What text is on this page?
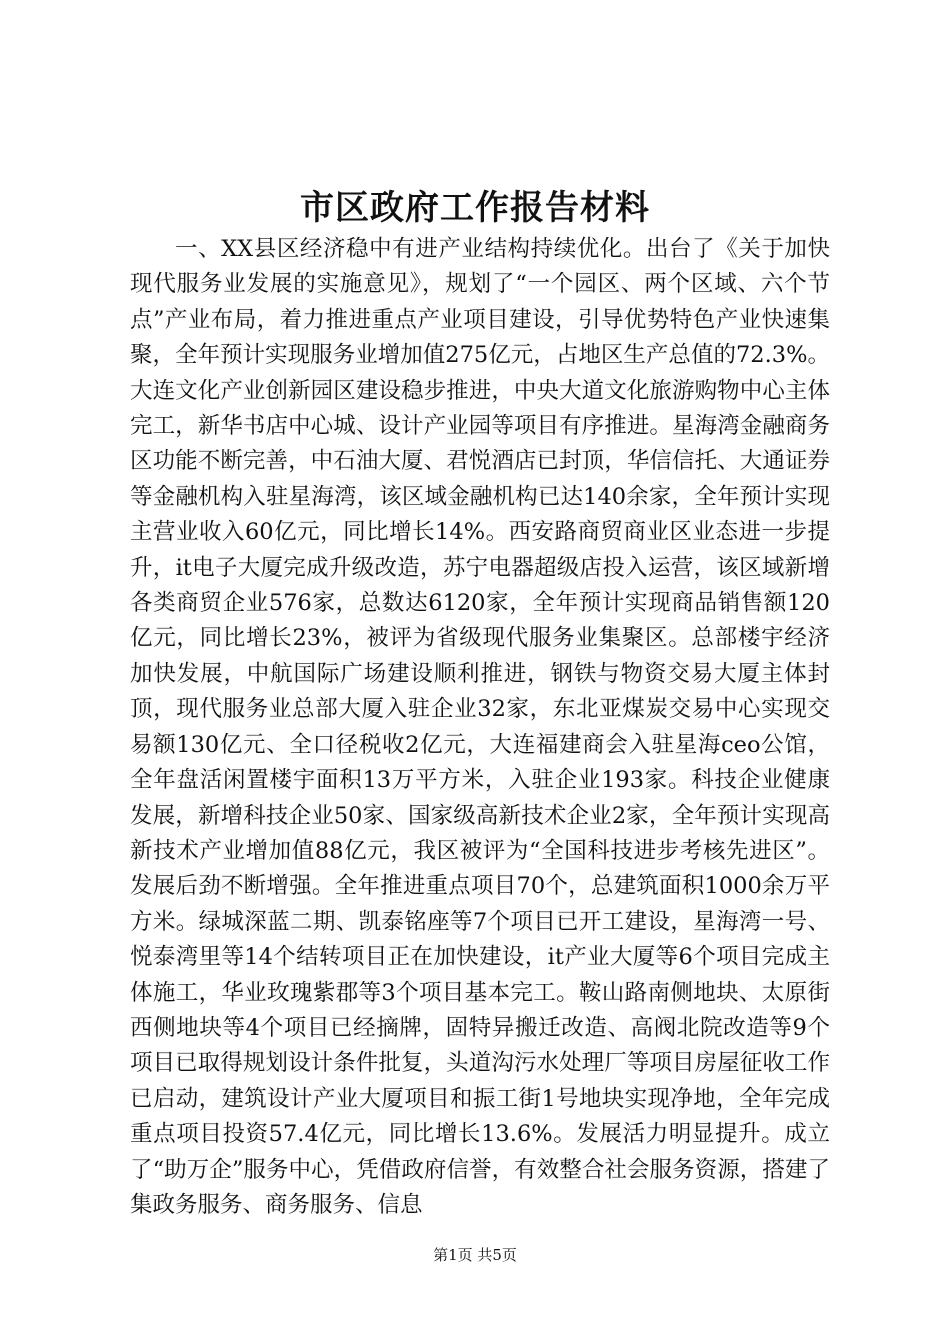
市区政府工作报告材料

一、XX县区经济稳中有进产业结构持续优化。出台了《关于加快现代服务业发展的实施意见》，规划了“一个园区、两个区域、六个节点”产业布局，着力推进重点产业项目建设，引导优势特色产业快速集聚，全年预计实现服务业增加值275亿元，占地区生产总值的72.3%。大连文化产业创新园区建设稳步推进，中央大道文化旅游购物中心主体完工，新华书店中心城、设计产业园等项目有序推进。星海湾金融商务区功能不断完善，中石油大厦、君悦酒店已封顶，华信信托、大通证券等金融机构入驻星海湾，该区域金融机构已达140余家，全年预计实现主营业收入60亿元，同比增长14%。西安路商贸商业区业态进一步提升，it电子大厦完成升级改造，苏宁电器超级店投入运营，该区域新增各类商贸企业576家，总数达6120家，全年预计实现商品销售额120亿元，同比增长23%，被评为省级现代服务业集聚区。总部楼宇经济加快发展，中航国际广场建设顺利推进，钢铁与物资交易大厦主体封顶，现代服务业总部大厦入驻企业32家，东北亚煤炭交易中心实现交易额130亿元、全口径税收2亿元，大连福建商会入驻星海ceo公馆，全年盘活闲置楼宇面积13万平方米，入驻企业193家。科技企业健康发展，新增科技企业50家、国家级高新技术企业2家，全年预计实现高新技术产业增加值88亿元，我区被评为“全国科技进步考核先进区”。发展后劲不断增强。全年推进重点项目70个，总建筑面积1000余万平方米。绿城深蓝二期、凯泰铭座等7个项目已开工建设，星海湾一号、悦泰湾里等14个结转项目正在加快建设，it产业大厦等6个项目完成主体施工，华业玫瑰紫郡等3个项目基本完工。鞍山路南侧地块、太原街西侧地块等4个项目已经摘牌，固特异搬迁改造、高阀北院改造等9个项目已取得规划设计条件批复，头道沟污水处理厂等项目房屋征收工作已启动，建筑设计产业大厦项目和振工街1号地块实现净地，全年完成重点项目投资57.4亿元，同比增长13.6%。发展活力明显提升。成立了“助万企”服务中心，凭借政府信誉，有效整合社会服务资源，搭建了集政务服务、商务服务、信息

第1页 共5页
